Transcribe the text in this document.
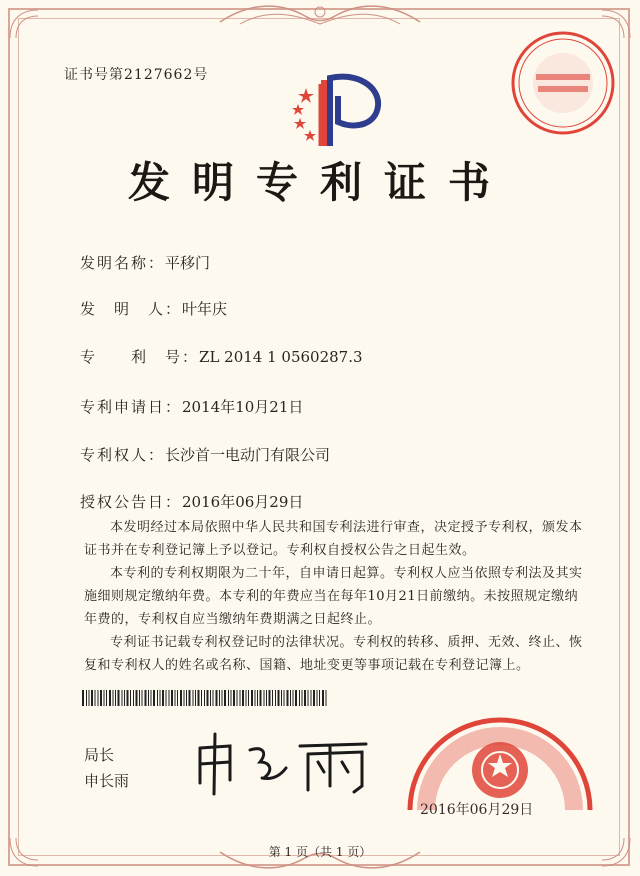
证书号第2127662号
发明专利证书
发明名称：平移门
发　明　人：叶年庆
专　　利　号：ZL 2014 1 0560287.3
专利申请日：2014年10月21日
专利权人：长沙首一电动门有限公司
授权公告日：2016年06月29日
本发明经过本局依照中华人民共和国专利法进行审查，决定授予专利权，颁发本证书并在专利登记簿上予以登记。专利权自授权公告之日起生效。
本专利的专利权期限为二十年，自申请日起算。专利权人应当依照专利法及其实施细则规定缴纳年费。本专利的年费应当在每年10月21日前缴纳。未按照规定缴纳年费的，专利权自应当缴纳年费期满之日起终止。
专利证书记载专利权登记时的法律状况。专利权的转移、质押、无效、终止、恢复和专利权人的姓名或名称、国籍、地址变更等事项记载在专利登记簿上。
局长
申长雨
2016年06月29日
第 1 页（共 1 页）
